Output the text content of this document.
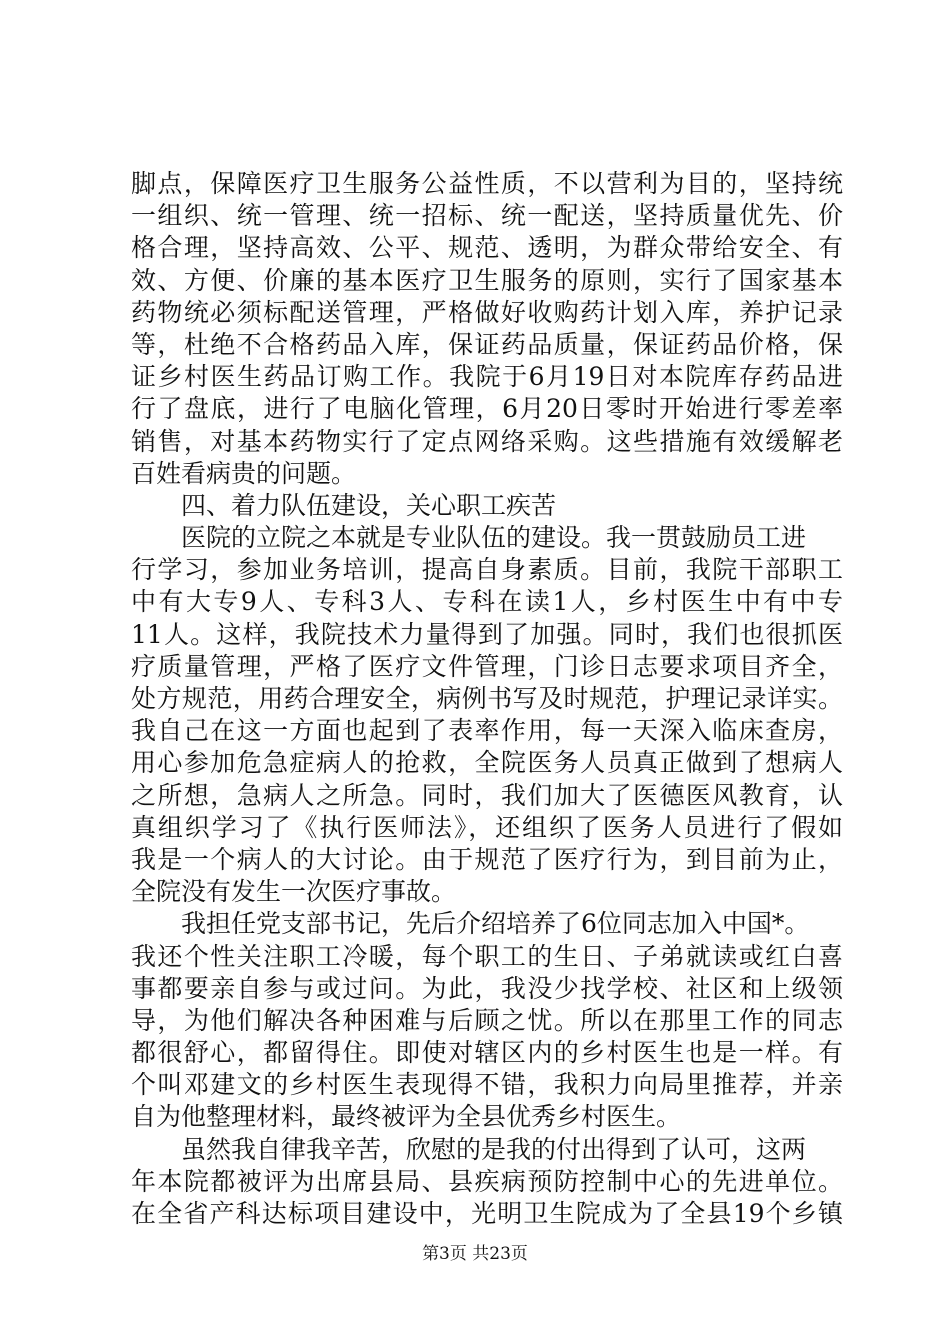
脚点，保障医疗卫生服务公益性质，不以营利为目的，坚持统
一组织、统一管理、统一招标、统一配送，坚持质量优先、价
格合理，坚持高效、公平、规范、透明，为群众带给安全、有
效、方便、价廉的基本医疗卫生服务的原则，实行了国家基本
药物统必须标配送管理，严格做好收购药计划入库，养护记录
等，杜绝不合格药品入库，保证药品质量，保证药品价格，保
证乡村医生药品订购工作。我院于6月19日对本院库存药品进
行了盘底，进行了电脑化管理，6月20日零时开始进行零差率
销售，对基本药物实行了定点网络采购。这些措施有效缓解老
百姓看病贵的问题。
四、着力队伍建设，关心职工疾苦
医院的立院之本就是专业队伍的建设。我一贯鼓励员工进
行学习，参加业务培训，提高自身素质。目前，我院干部职工
中有大专9人、专科3人、专科在读1人，乡村医生中有中专
11人。这样，我院技术力量得到了加强。同时，我们也很抓医
疗质量管理，严格了医疗文件管理，门诊日志要求项目齐全，
处方规范，用药合理安全，病例书写及时规范，护理记录详实。
我自己在这一方面也起到了表率作用，每一天深入临床查房，
用心参加危急症病人的抢救，全院医务人员真正做到了想病人
之所想，急病人之所急。同时，我们加大了医德医风教育，认
真组织学习了《执行医师法》，还组织了医务人员进行了假如
我是一个病人的大讨论。由于规范了医疗行为，到目前为止，
全院没有发生一次医疗事故。
我担任党支部书记，先后介绍培养了6位同志加入中国*。
我还个性关注职工冷暖，每个职工的生日、子弟就读或红白喜
事都要亲自参与或过问。为此，我没少找学校、社区和上级领
导，为他们解决各种困难与后顾之忧。所以在那里工作的同志
都很舒心，都留得住。即使对辖区内的乡村医生也是一样。有
个叫邓建文的乡村医生表现得不错，我积力向局里推荐，并亲
自为他整理材料，最终被评为全县优秀乡村医生。
虽然我自律我辛苦，欣慰的是我的付出得到了认可，这两
年本院都被评为出席县局、县疾病预防控制中心的先进单位。
在全省产科达标项目建设中，光明卫生院成为了全县19个乡镇
第3页 共23页
